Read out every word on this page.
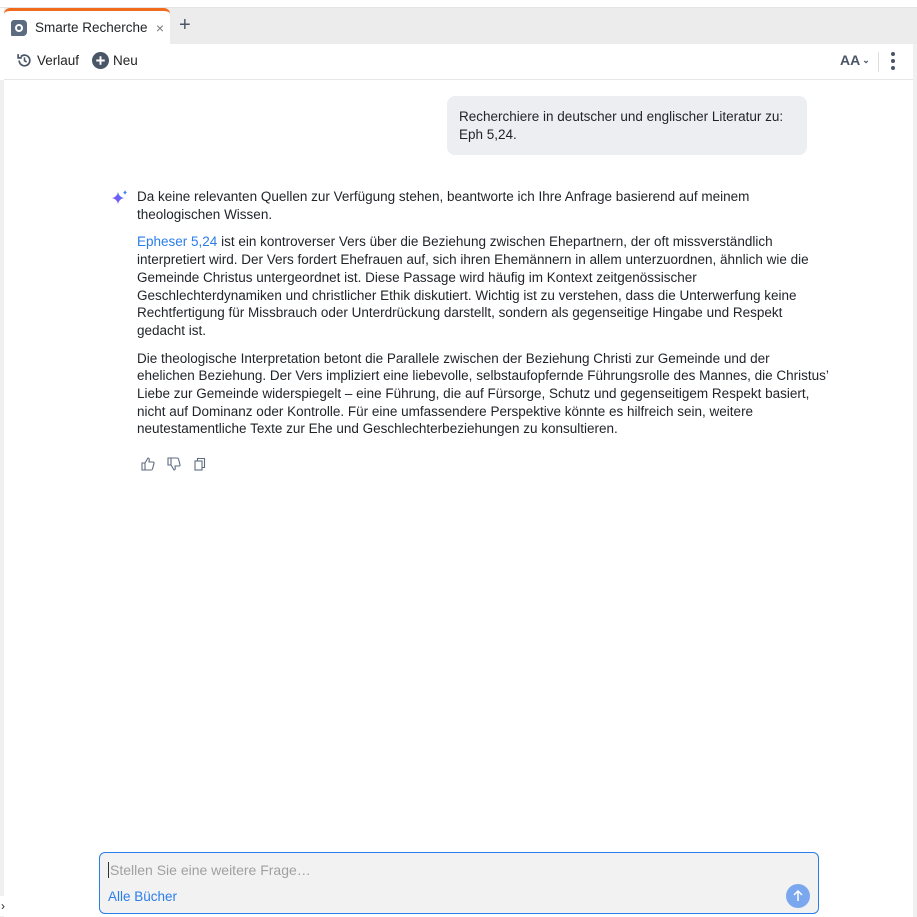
Smarte Recherche × +
Verlauf	Neu	AA ⌄
Recherchiere in deutscher und englischer Literatur zu:
Eph 5,24.

Da keine relevanten Quellen zur Verfügung stehen, beantworte ich Ihre Anfrage basierend auf meinem
theologischen Wissen.

Epheser 5,24 ist ein kontroverser Vers über die Beziehung zwischen Ehepartnern, der oft missverständlich
interpretiert wird. Der Vers fordert Ehefrauen auf, sich ihren Ehemännern in allem unterzuordnen, ähnlich wie die
Gemeinde Christus untergeordnet ist. Diese Passage wird häufig im Kontext zeitgenössischer
Geschlechterdynamiken und christlicher Ethik diskutiert. Wichtig ist zu verstehen, dass die Unterwerfung keine
Rechtfertigung für Missbrauch oder Unterdrückung darstellt, sondern als gegenseitige Hingabe und Respekt
gedacht ist.

Die theologische Interpretation betont die Parallele zwischen der Beziehung Christi zur Gemeinde und der
ehelichen Beziehung. Der Vers impliziert eine liebevolle, selbstaufopfernde Führungsrolle des Mannes, die Christus’
Liebe zur Gemeinde widerspiegelt – eine Führung, die auf Fürsorge, Schutz und gegenseitigem Respekt basiert,
nicht auf Dominanz oder Kontrolle. Für eine umfassendere Perspektive könnte es hilfreich sein, weitere
neutestamentliche Texte zur Ehe und Geschlechterbeziehungen zu konsultieren.

Stellen Sie eine weitere Frage…
Alle Bücher
›
